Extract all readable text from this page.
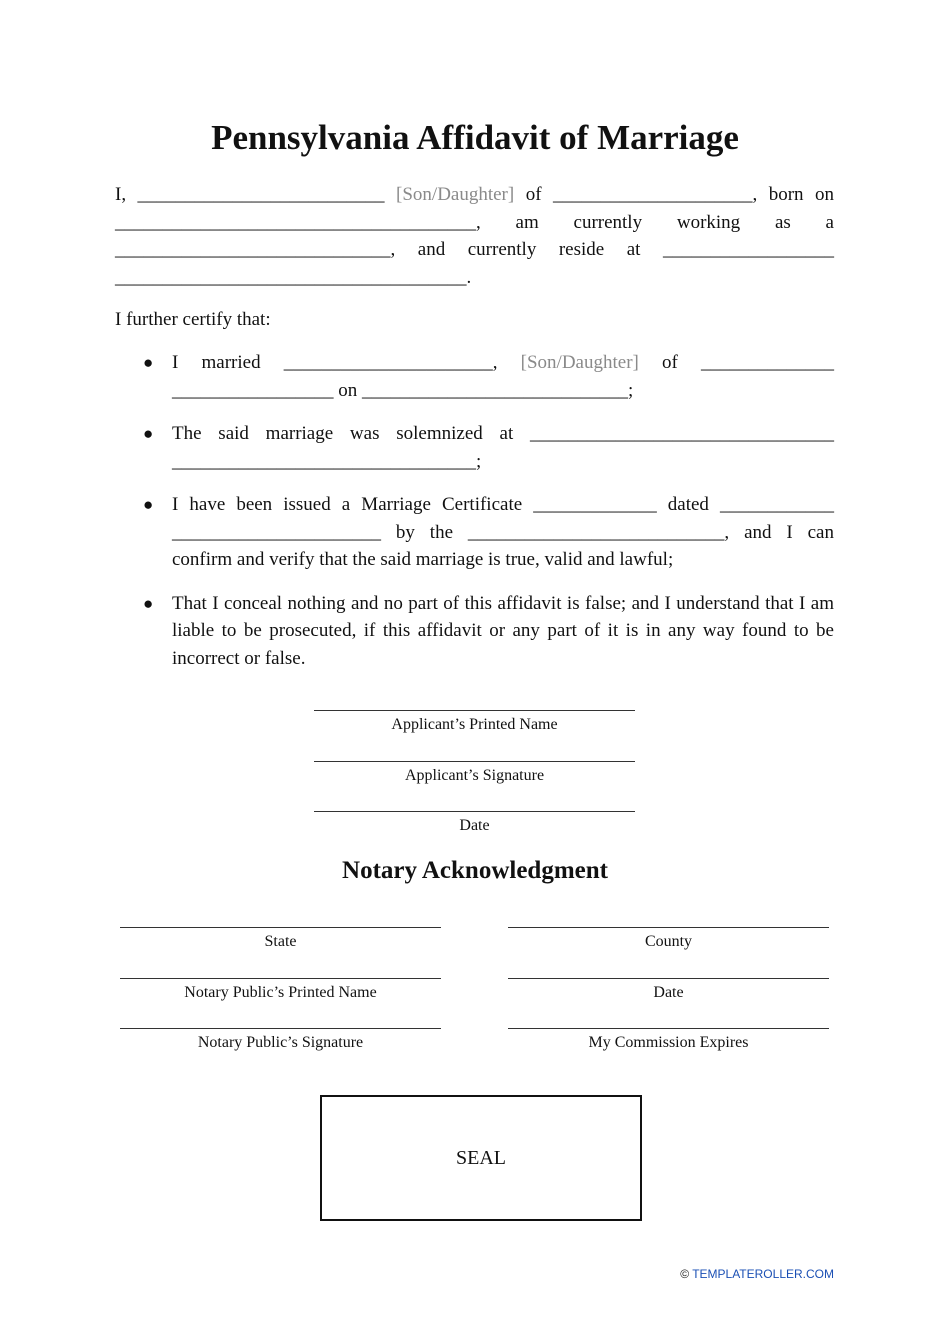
Pennsylvania Affidavit of Marriage

I, __________________________ [Son/Daughter] of _____________________, born on ______________________________________, am currently working as a _____________________________, and currently reside at __________________ _____________________________________.

I further certify that:

● I married ______________________, [Son/Daughter] of ______________ _________________ on ____________________________;
● The said marriage was solemnized at ________________________________ ________________________________;
● I have been issued a Marriage Certificate _____________ dated ____________ ______________________ by the ___________________________, and I can confirm and verify that the said marriage is true, valid and lawful;
● That I conceal nothing and no part of this affidavit is false; and I understand that I am liable to be prosecuted, if this affidavit or any part of it is in any way found to be incorrect or false.
Applicant’s Printed Name
Applicant’s Signature
Date
Notary Acknowledgment
State	County
Notary Public’s Printed Name	Date
Notary Public’s Signature	My Commission Expires
SEAL
© TEMPLATEROLLER.COM
